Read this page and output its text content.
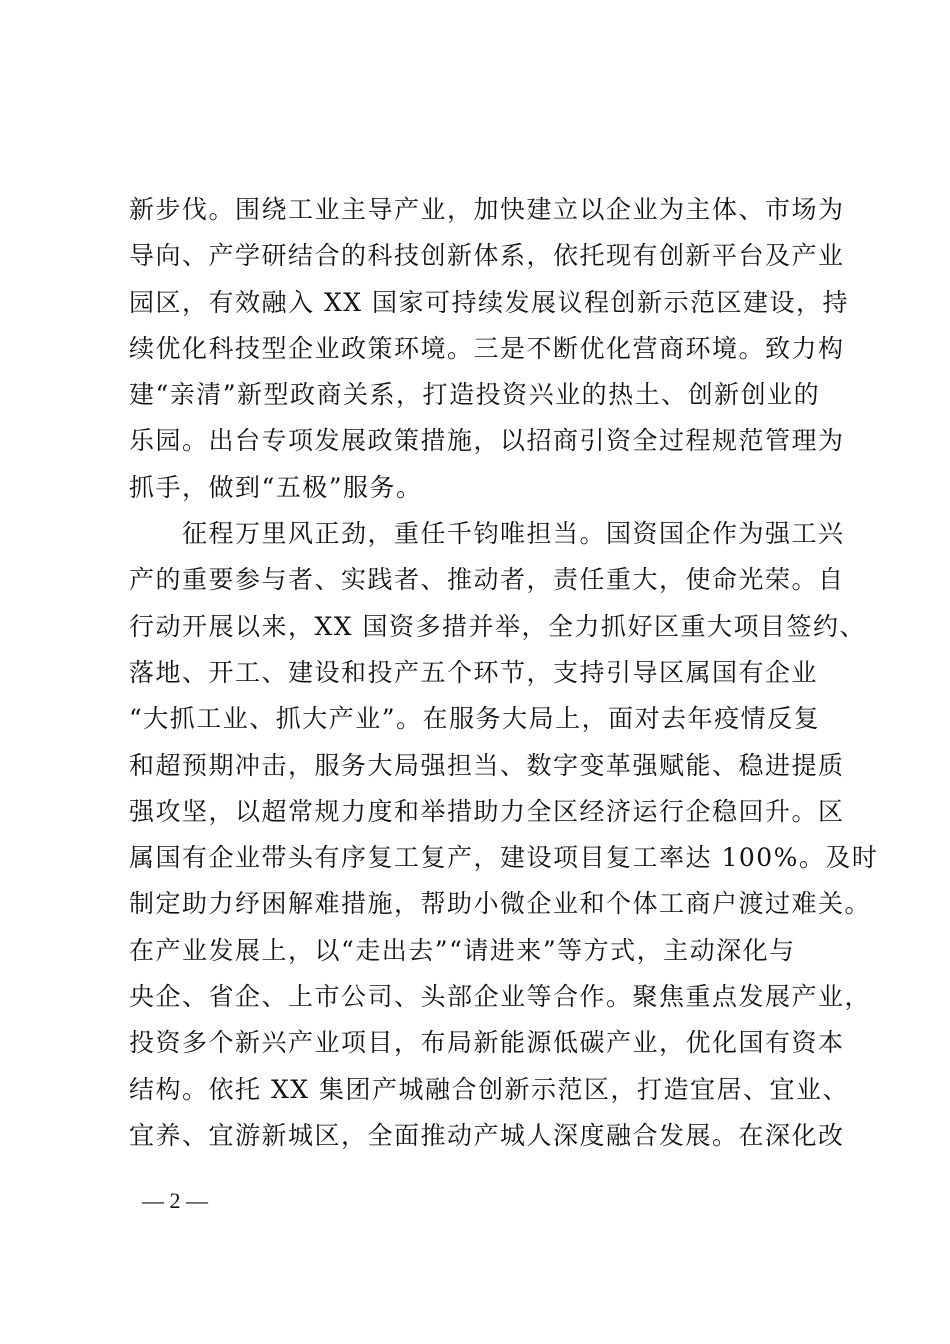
新步伐。围绕工业主导产业，加快建立以企业为主体、市场为
导向、产学研结合的科技创新体系，依托现有创新平台及产业
园区，有效融入 XX 国家可持续发展议程创新示范区建设，持
续优化科技型企业政策环境。三是不断优化营商环境。致力构
建“亲清”新型政商关系，打造投资兴业的热土、创新创业的
乐园。出台专项发展政策措施，以招商引资全过程规范管理为
抓手，做到“五极”服务。
　　征程万里风正劲，重任千钧唯担当。国资国企作为强工兴
产的重要参与者、实践者、推动者，责任重大，使命光荣。自
行动开展以来，XX 国资多措并举，全力抓好区重大项目签约、
落地、开工、建设和投产五个环节，支持引导区属国有企业
“大抓工业、抓大产业”。在服务大局上，面对去年疫情反复
和超预期冲击，服务大局强担当、数字变革强赋能、稳进提质
强攻坚，以超常规力度和举措助力全区经济运行企稳回升。区
属国有企业带头有序复工复产，建设项目复工率达 100%。及时
制定助力纾困解难措施，帮助小微企业和个体工商户渡过难关。
在产业发展上，以“走出去”“请进来”等方式，主动深化与
央企、省企、上市公司、头部企业等合作。聚焦重点发展产业，
投资多个新兴产业项目，布局新能源低碳产业，优化国有资本
结构。依托 XX 集团产城融合创新示范区，打造宜居、宜业、
宜养、宜游新城区，全面推动产城人深度融合发展。在深化改
— 2 —
